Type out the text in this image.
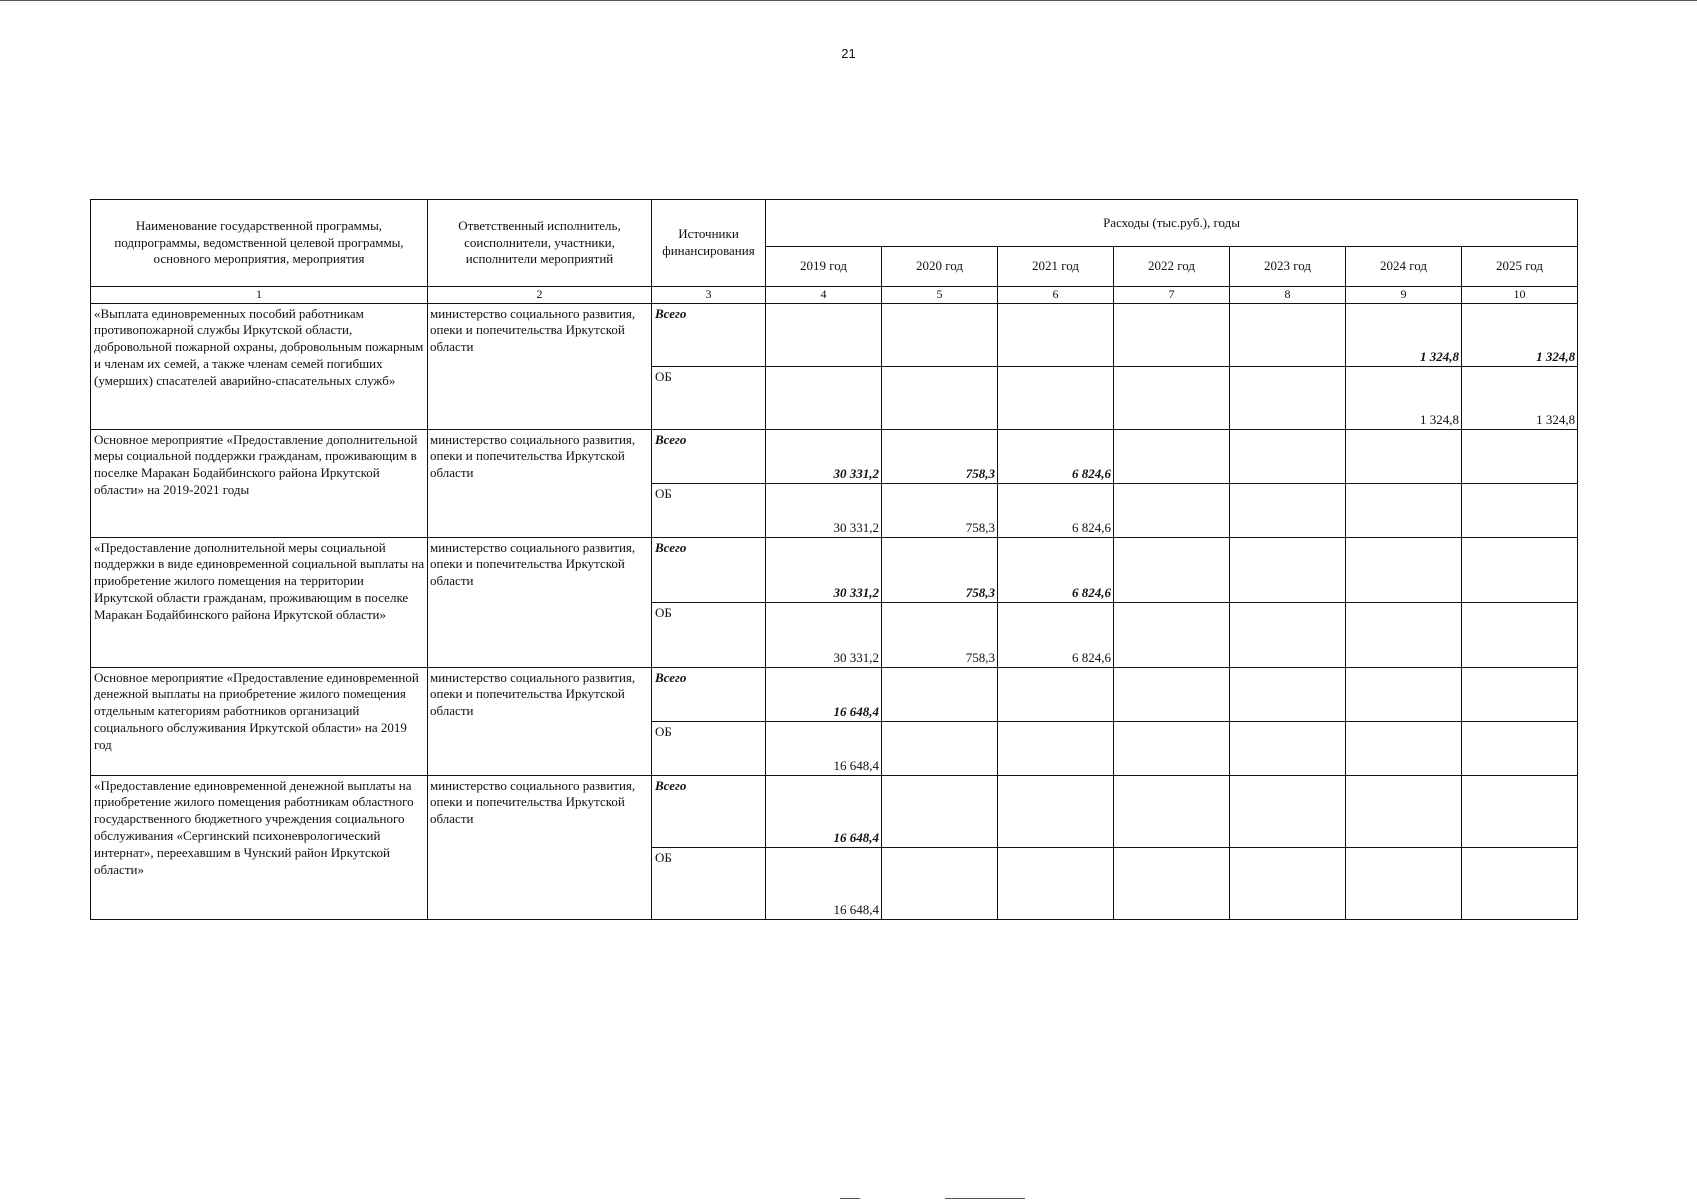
21
Наименование государственной программы, подпрограммы, ведомственной целевой программы, основного мероприятия, мероприятия	Ответственный исполнитель, соисполнители, участники, исполнители мероприятий	Источники финансирования	Расходы (тыс.руб.), годы						
			2019 год	2020 год	2021 год	2022 год	2023 год	2024 год	2025 год
1	2	3	4	5	6	7	8	9	10
«Выплата единовременных пособий работникам противопожарной службы Иркутской области, добровольной пожарной охраны, добровольным пожарным и членам их семей, а также членам семей погибших (умерших) спасателей аварийно-спасательных служб»	министерство социального развития, опеки и попечительства Иркутской области	Всего						1 324,8	1 324,8
		ОБ						1 324,8	1 324,8
Основное мероприятие «Предоставление дополнительной меры социальной поддержки гражданам, проживающим в поселке Маракан Бодайбинского района Иркутской области» на 2019-2021 годы	министерство социального развития, опеки и попечительства Иркутской области	Всего	30 331,2	758,3	6 824,6				
		ОБ	30 331,2	758,3	6 824,6				
«Предоставление дополнительной меры социальной поддержки в виде единовременной социальной выплаты на приобретение жилого помещения на территории Иркутской области гражданам, проживающим в поселке Маракан Бодайбинского района Иркутской области»	министерство социального развития, опеки и попечительства Иркутской области	Всего	30 331,2	758,3	6 824,6				
		ОБ	30 331,2	758,3	6 824,6				
Основное мероприятие «Предоставление единовременной денежной выплаты на приобретение жилого помещения отдельным категориям работников организаций социального обслуживания Иркутской области» на 2019 год	министерство социального развития, опеки и попечительства Иркутской области	Всего	16 648,4						
		ОБ	16 648,4						
«Предоставление единовременной денежной выплаты на приобретение жилого помещения работникам областного государственного бюджетного учреждения социального обслуживания «Сергинский психоневрологический интернат», переехавшим в Чунский район Иркутской области»	министерство социального развития, опеки и попечительства Иркутской области	Всего	16 648,4						
		ОБ	16 648,4						
